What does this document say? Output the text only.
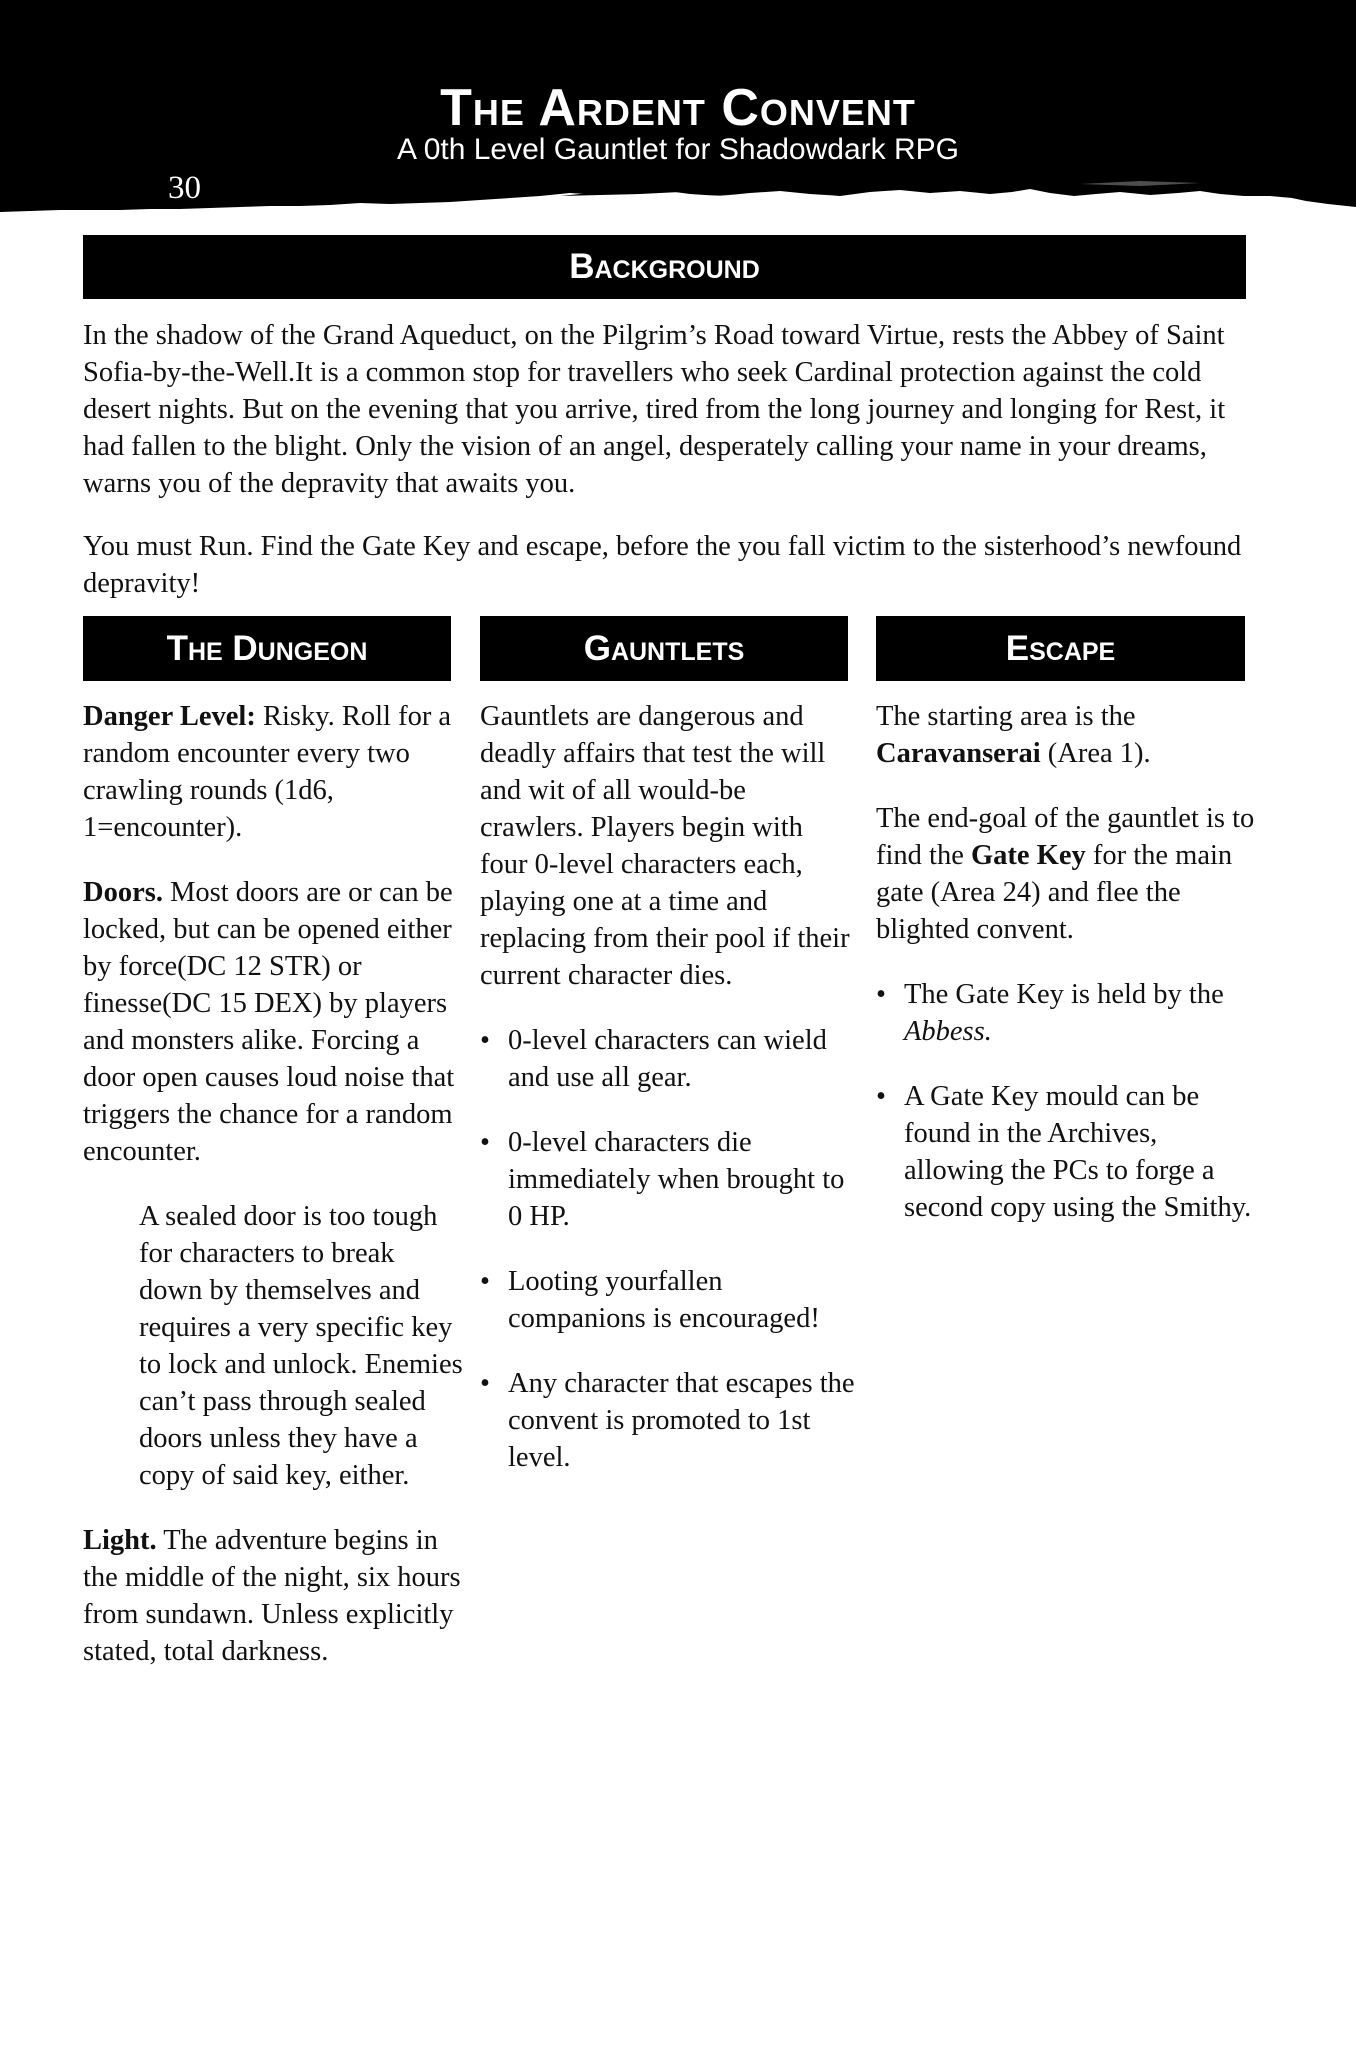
The Ardent Convent
A 0th Level Gauntlet for Shadowdark RPG
30
Background

In the shadow of the Grand Aqueduct, on the Pilgrim’s Road toward Virtue, rests the Abbey of Saint Sofia-by-the-Well.It is a common stop for travellers who seek Cardinal protection against the cold desert nights. But on the evening that you arrive, tired from the long journey and longing for Rest, it had fallen to the blight. Only the vision of an angel, desperately calling your name in your dreams, warns you of the depravity that awaits you.

You must Run. Find the Gate Key and escape, before the you fall victim to the sisterhood’s newfound depravity!

The Dungeon	Gauntlets	Escape

Danger Level: Risky. Roll for a random encounter every two crawling rounds (1d6, 1=encounter).

Doors. Most doors are or can be locked, but can be opened either by force(DC 12 STR) or finesse(DC 15 DEX) by players and monsters alike. Forcing a door open causes loud noise that triggers the chance for a random encounter.

A sealed door is too tough for characters to break down by themselves and requires a very specific key to lock and unlock. Enemies can’t pass through sealed doors unless they have a copy of said key, either.

Light. The adventure begins in the middle of the night, six hours from sundawn. Unless explicitly stated, total darkness.

Gauntlets are dangerous and deadly affairs that test the will and wit of all would-be crawlers. Players begin with four 0-level characters each, playing one at a time and replacing from their pool if their current character dies.

• 0-level characters can wield and use all gear.
• 0-level characters die immediately when brought to 0 HP.
• Looting yourfallen companions is encouraged!
• Any character that escapes the convent is promoted to 1st level.

The starting area is the Caravanserai (Area 1).

The end-goal of the gauntlet is to find the Gate Key for the main gate (Area 24) and flee the blighted convent.

• The Gate Key is held by the Abbess.
• A Gate Key mould can be found in the Archives, allowing the PCs to forge a second copy using the Smithy.
